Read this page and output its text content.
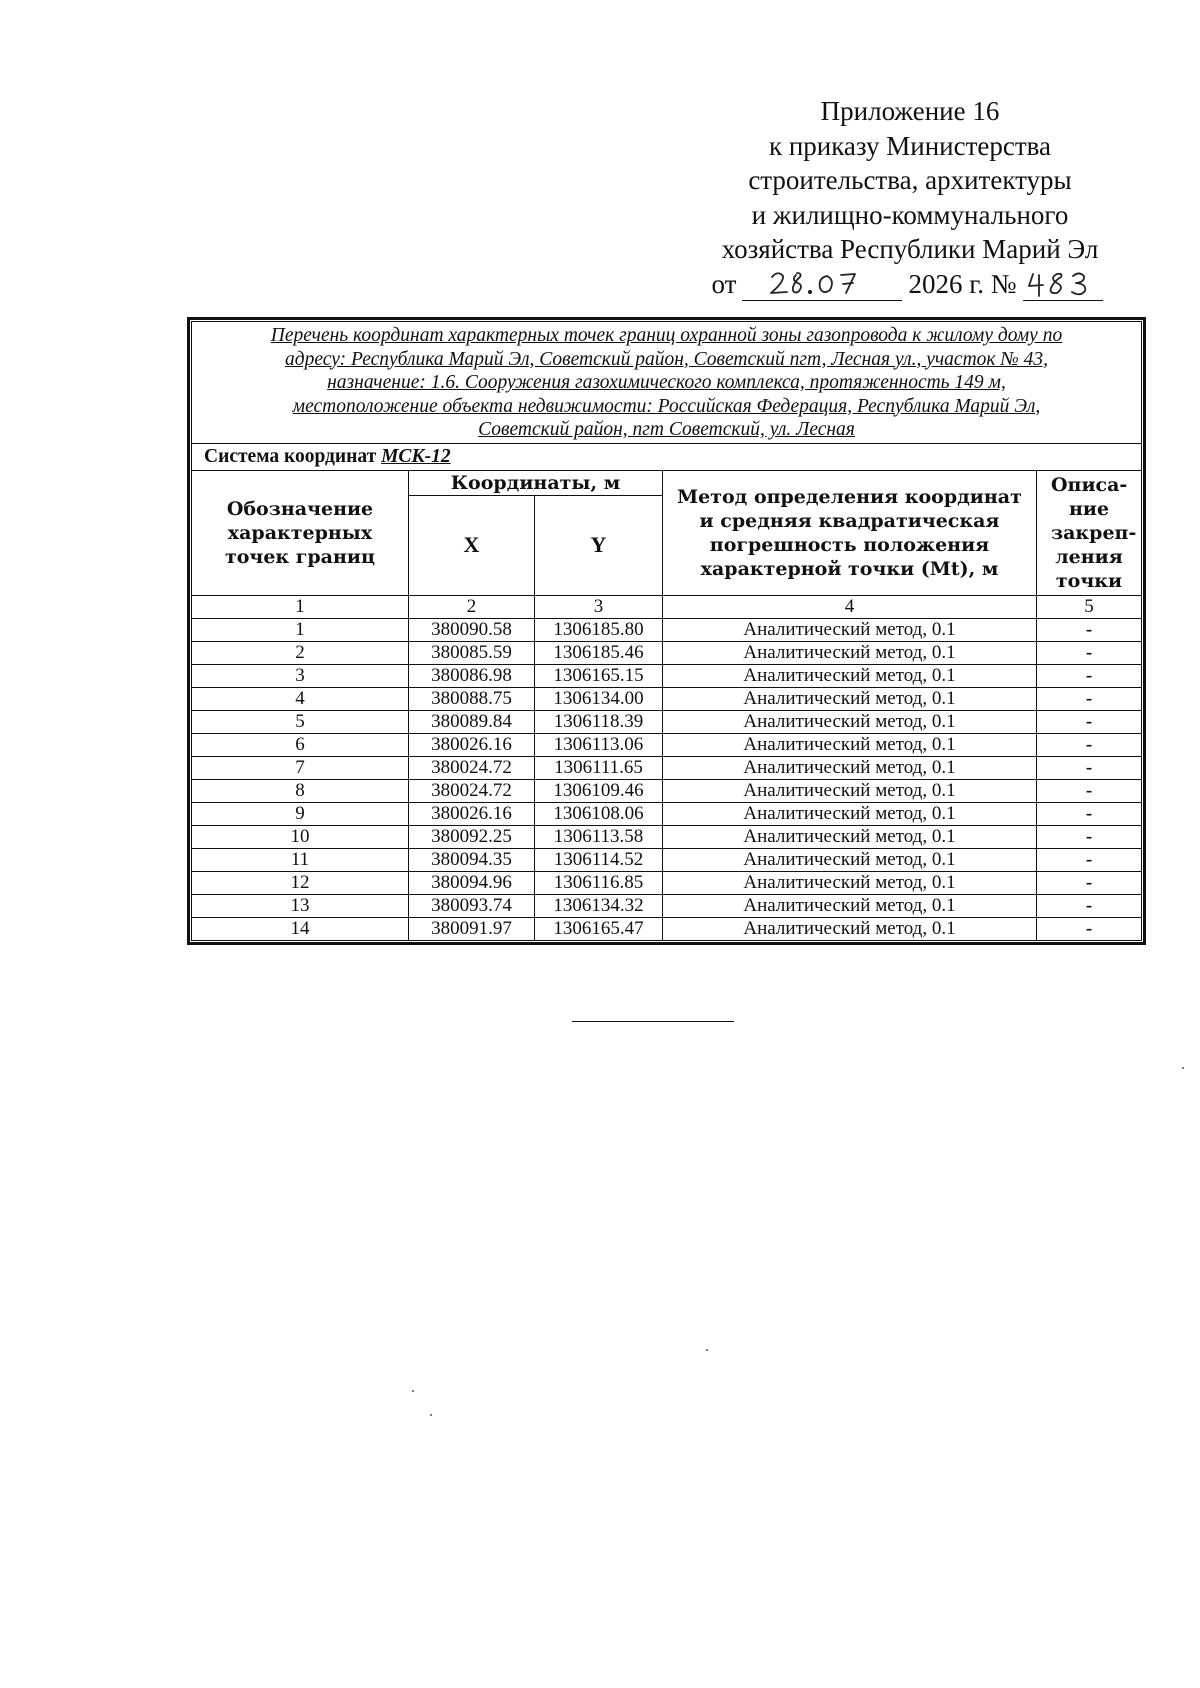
Приложение 16
к приказу Министерства
строительства, архитектуры
и жилищно-коммунального
хозяйства Республики Марий Эл
от	2026 г. №
Перечень координат характерных точек границ охранной зоны газопровода к жилому дому по
адресу: Республика Марий Эл, Советский район, Советский пгт, Лесная ул., участок № 43,
назначение: 1.6. Сооружения газохимического комплекса, протяженность 149 м,
местоположение объекта недвижимости: Российская Федерация, Республика Марий Эл,
Советский район, пгт Советский, ул. Лесная				

Система координат МСК-12				
Обозначение характерных точек границ	Координаты, м		Метод определения координат и средняя квадратическая погрешность положения характерной точки (Mt), м	Описа- ние закреп- ления точки
	X	Y		
1	2	3	4	5
1	380090.58	1306185.80	Аналитический метод, 0.1	-
2	380085.59	1306185.46	Аналитический метод, 0.1	-
3	380086.98	1306165.15	Аналитический метод, 0.1	-
4	380088.75	1306134.00	Аналитический метод, 0.1	-
5	380089.84	1306118.39	Аналитический метод, 0.1	-
6	380026.16	1306113.06	Аналитический метод, 0.1	-
7	380024.72	1306111.65	Аналитический метод, 0.1	-
8	380024.72	1306109.46	Аналитический метод, 0.1	-
9	380026.16	1306108.06	Аналитический метод, 0.1	-
10	380092.25	1306113.58	Аналитический метод, 0.1	-
11	380094.35	1306114.52	Аналитический метод, 0.1	-
12	380094.96	1306116.85	Аналитический метод, 0.1	-
13	380093.74	1306134.32	Аналитический метод, 0.1	-
14	380091.97	1306165.47	Аналитический метод, 0.1	-
